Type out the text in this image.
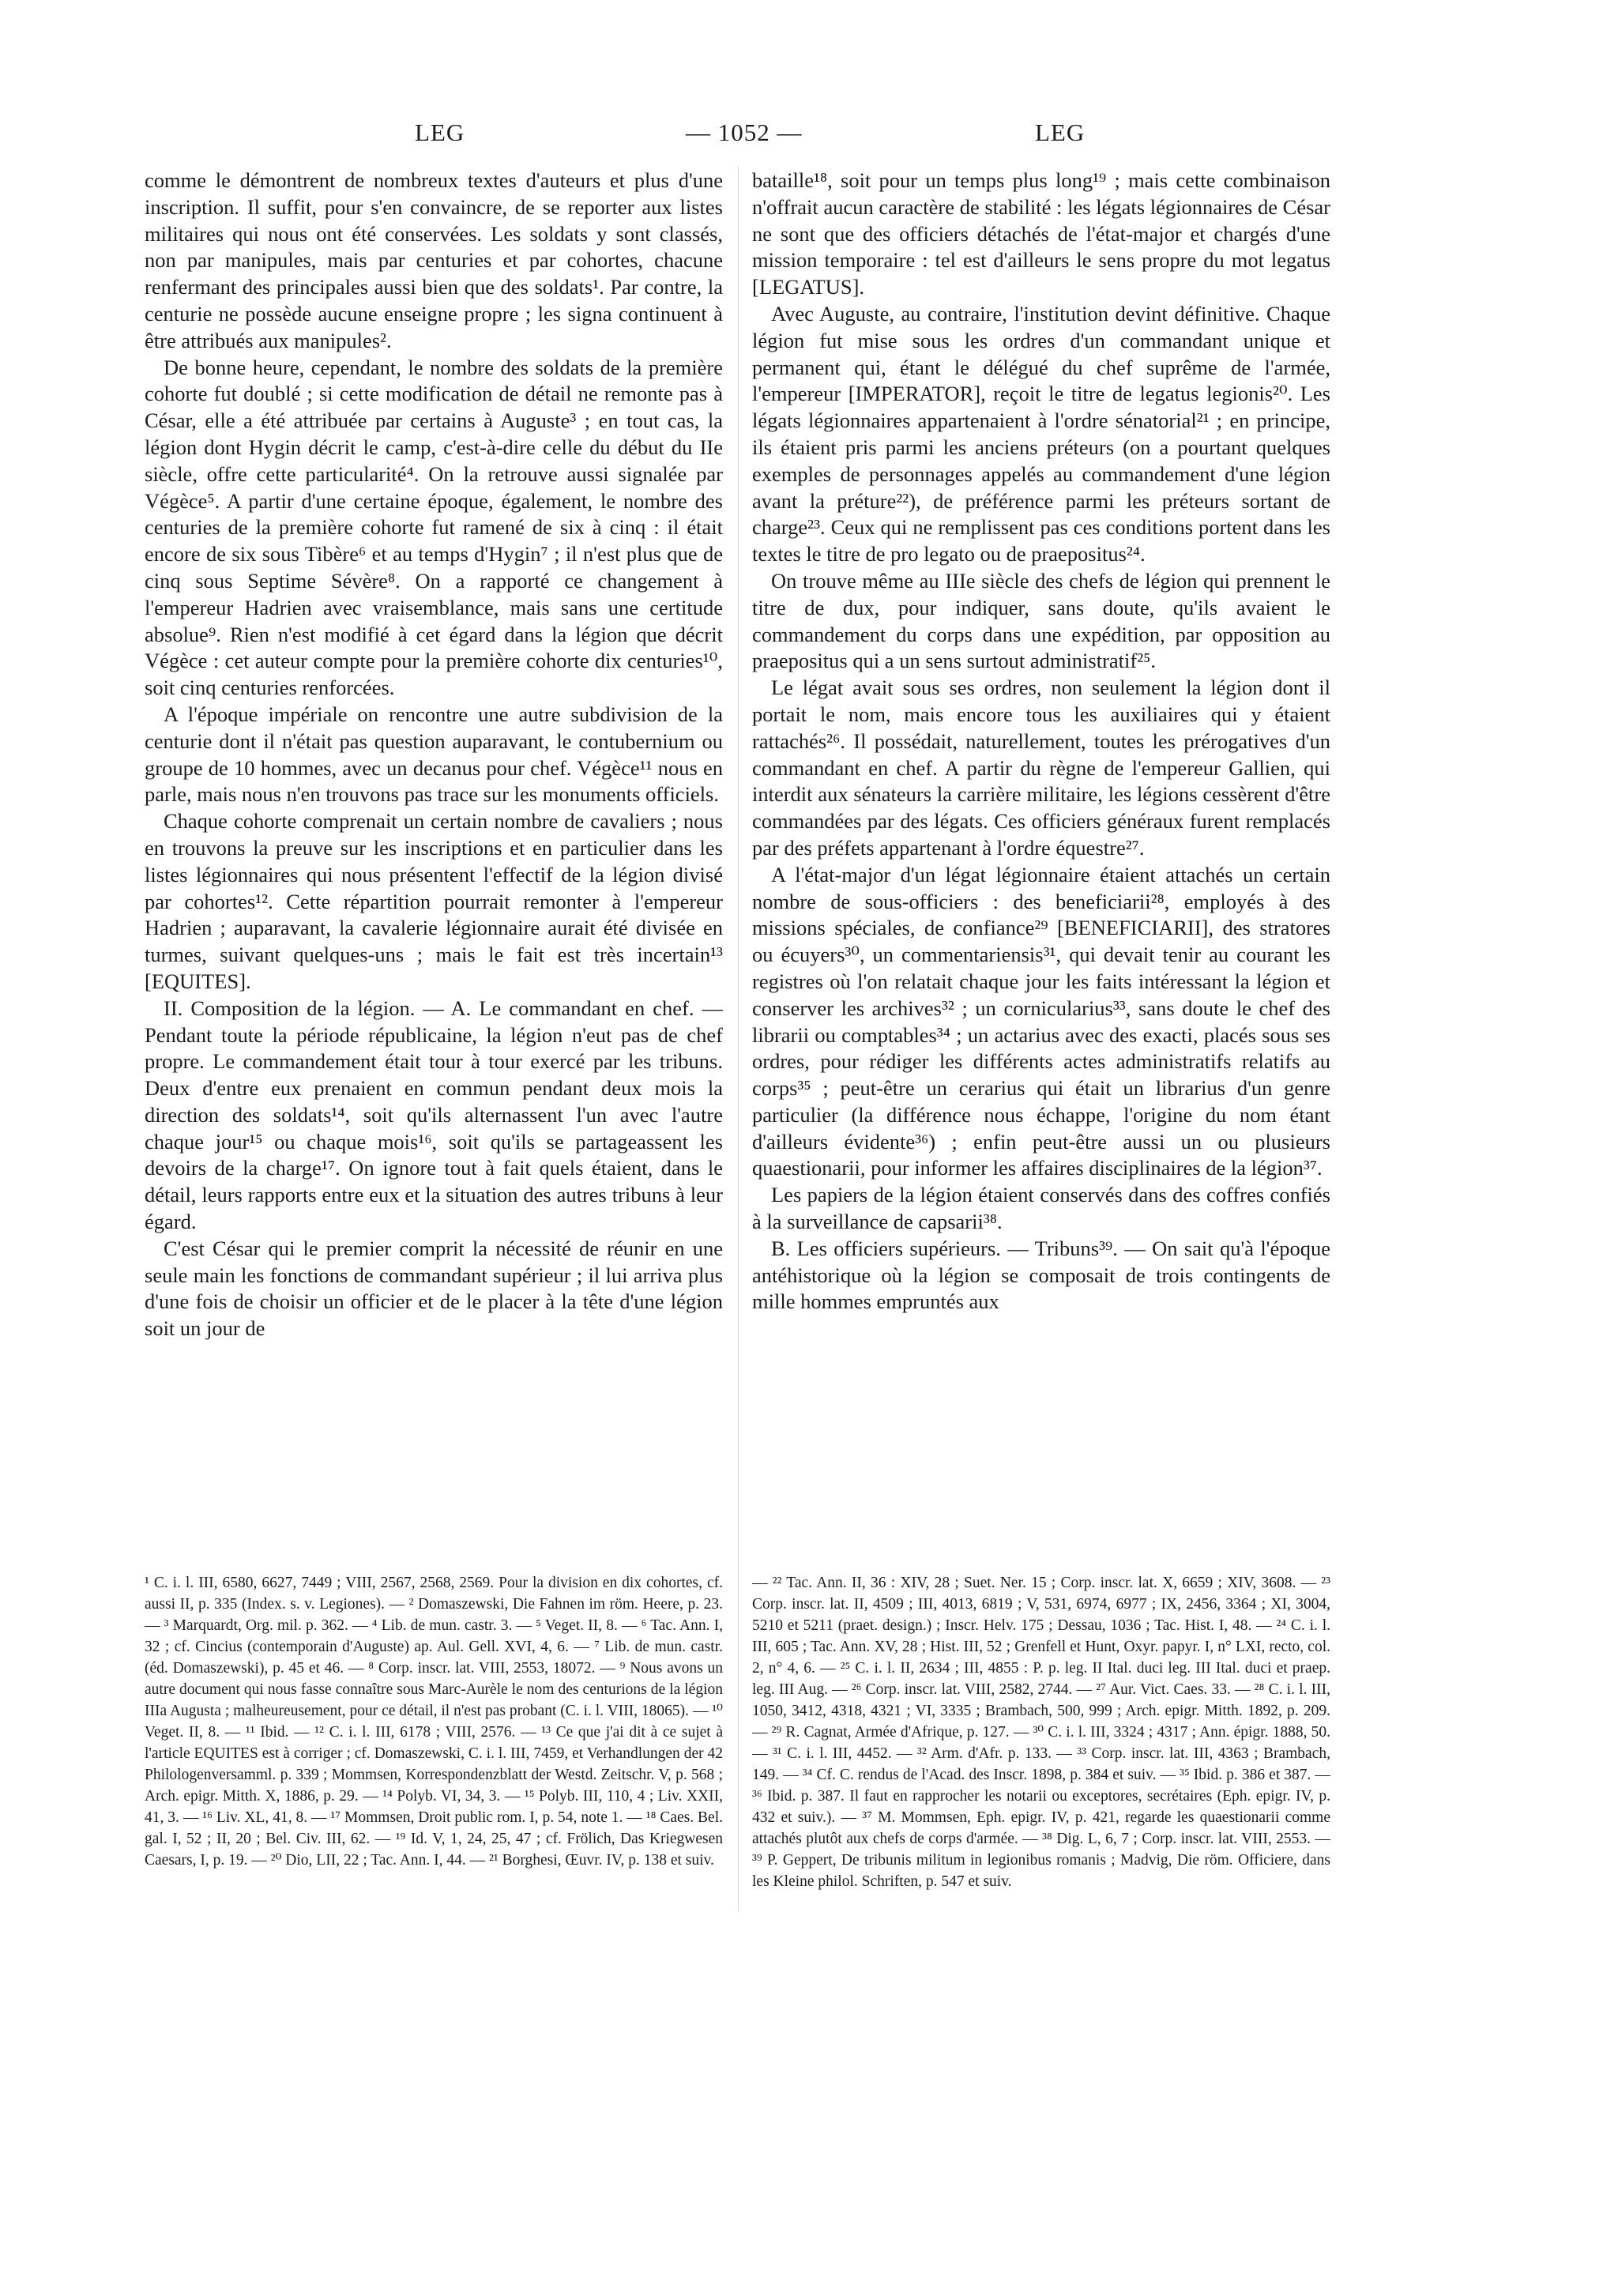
LEG	— 1052 —	LEG

comme le démontrent de nombreux textes d'auteurs et plus d'une inscription. Il suffit, pour s'en convaincre, de se reporter aux listes militaires qui nous ont été conservées. Les soldats y sont classés, non par manipules, mais par centuries et par cohortes, chacune renfermant des principales aussi bien que des soldats¹. Par contre, la centurie ne possède aucune enseigne propre ; les signa continuent à être attribués aux manipules².

De bonne heure, cependant, le nombre des soldats de la première cohorte fut doublé ; si cette modification de détail ne remonte pas à César, elle a été attribuée par certains à Auguste³ ; en tout cas, la légion dont Hygin décrit le camp, c'est-à-dire celle du début du IIe siècle, offre cette particularité⁴. On la retrouve aussi signalée par Végèce⁵. A partir d'une certaine époque, également, le nombre des centuries de la première cohorte fut ramené de six à cinq : il était encore de six sous Tibère⁶ et au temps d'Hygin⁷ ; il n'est plus que de cinq sous Septime Sévère⁸. On a rapporté ce changement à l'empereur Hadrien avec vraisemblance, mais sans une certitude absolue⁹. Rien n'est modifié à cet égard dans la légion que décrit Végèce : cet auteur compte pour la première cohorte dix centuries¹⁰, soit cinq centuries renforcées.

A l'époque impériale on rencontre une autre subdivision de la centurie dont il n'était pas question auparavant, le contubernium ou groupe de 10 hommes, avec un decanus pour chef. Végèce¹¹ nous en parle, mais nous n'en trouvons pas trace sur les monuments officiels.

Chaque cohorte comprenait un certain nombre de cavaliers ; nous en trouvons la preuve sur les inscriptions et en particulier dans les listes légionnaires qui nous présentent l'effectif de la légion divisé par cohortes¹². Cette répartition pourrait remonter à l'empereur Hadrien ; auparavant, la cavalerie légionnaire aurait été divisée en turmes, suivant quelques-uns ; mais le fait est très incertain¹³ [EQUITES].

II. Composition de la légion. — A. Le commandant en chef. — Pendant toute la période républicaine, la légion n'eut pas de chef propre. Le commandement était tour à tour exercé par les tribuns. Deux d'entre eux prenaient en commun pendant deux mois la direction des soldats¹⁴, soit qu'ils alternassent l'un avec l'autre chaque jour¹⁵ ou chaque mois¹⁶, soit qu'ils se partageassent les devoirs de la charge¹⁷. On ignore tout à fait quels étaient, dans le détail, leurs rapports entre eux et la situation des autres tribuns à leur égard.

C'est César qui le premier comprit la nécessité de réunir en une seule main les fonctions de commandant supérieur ; il lui arriva plus d'une fois de choisir un officier et de le placer à la tête d'une légion soit un jour de

bataille¹⁸, soit pour un temps plus long¹⁹ ; mais cette combinaison n'offrait aucun caractère de stabilité : les légats légionnaires de César ne sont que des officiers détachés de l'état-major et chargés d'une mission temporaire : tel est d'ailleurs le sens propre du mot legatus [LEGATUS].

Avec Auguste, au contraire, l'institution devint définitive. Chaque légion fut mise sous les ordres d'un commandant unique et permanent qui, étant le délégué du chef suprême de l'armée, l'empereur [IMPERATOR], reçoit le titre de legatus legionis²⁰. Les légats légionnaires appartenaient à l'ordre sénatorial²¹ ; en principe, ils étaient pris parmi les anciens préteurs (on a pourtant quelques exemples de personnages appelés au commandement d'une légion avant la préture²²), de préférence parmi les préteurs sortant de charge²³. Ceux qui ne remplissent pas ces conditions portent dans les textes le titre de pro legato ou de praepositus²⁴.

On trouve même au IIIe siècle des chefs de légion qui prennent le titre de dux, pour indiquer, sans doute, qu'ils avaient le commandement du corps dans une expédition, par opposition au praepositus qui a un sens surtout administratif²⁵.

Le légat avait sous ses ordres, non seulement la légion dont il portait le nom, mais encore tous les auxiliaires qui y étaient rattachés²⁶. Il possédait, naturellement, toutes les prérogatives d'un commandant en chef. A partir du règne de l'empereur Gallien, qui interdit aux sénateurs la carrière militaire, les légions cessèrent d'être commandées par des légats. Ces officiers généraux furent remplacés par des préfets appartenant à l'ordre équestre²⁷.

A l'état-major d'un légat légionnaire étaient attachés un certain nombre de sous-officiers : des beneficiarii²⁸, employés à des missions spéciales, de confiance²⁹ [BENEFICIARII], des stratores ou écuyers³⁰, un commentariensis³¹, qui devait tenir au courant les registres où l'on relatait chaque jour les faits intéressant la légion et conserver les archives³² ; un cornicularius³³, sans doute le chef des librarii ou comptables³⁴ ; un actarius avec des exacti, placés sous ses ordres, pour rédiger les différents actes administratifs relatifs au corps³⁵ ; peut-être un cerarius qui était un librarius d'un genre particulier (la différence nous échappe, l'origine du nom étant d'ailleurs évidente³⁶) ; enfin peut-être aussi un ou plusieurs quaestionarii, pour informer les affaires disciplinaires de la légion³⁷.

Les papiers de la légion étaient conservés dans des coffres confiés à la surveillance de capsarii³⁸.

B. Les officiers supérieurs. — Tribuns³⁹. — On sait qu'à l'époque antéhistorique où la légion se composait de trois contingents de mille hommes empruntés aux

¹ C. i. l. III, 6580, 6627, 7449 ; VIII, 2567, 2568, 2569. Pour la division en dix cohortes, cf. aussi II, p. 335 (Index. s. v. Legiones). — ² Domaszewski, Die Fahnen im röm. Heere, p. 23. — ³ Marquardt, Org. mil. p. 362. — ⁴ Lib. de mun. castr. 3. — ⁵ Veget. II, 8. — ⁶ Tac. Ann. I, 32 ; cf. Cincius (contemporain d'Auguste) ap. Aul. Gell. XVI, 4, 6. — ⁷ Lib. de mun. castr. (éd. Domaszewski), p. 45 et 46. — ⁸ Corp. inscr. lat. VIII, 2553, 18072. — ⁹ Nous avons un autre document qui nous fasse connaître sous Marc-Aurèle le nom des centurions de la légion IIIa Augusta ; malheureusement, pour ce détail, il n'est pas probant (C. i. l. VIII, 18065). — ¹⁰ Veget. II, 8. — ¹¹ Ibid. — ¹² C. i. l. III, 6178 ; VIII, 2576. — ¹³ Ce que j'ai dit à ce sujet à l'article EQUITES est à corriger ; cf. Domaszewski, C. i. l. III, 7459, et Verhandlungen der 42 Philologenversamml. p. 339 ; Mommsen, Korrespondenzblatt der Westd. Zeitschr. V, p. 568 ; Arch. epigr. Mitth. X, 1886, p. 29. — ¹⁴ Polyb. VI, 34, 3. — ¹⁵ Polyb. III, 110, 4 ; Liv. XXII, 41, 3. — ¹⁶ Liv. XL, 41, 8. — ¹⁷ Mommsen, Droit public rom. I, p. 54, note 1. — ¹⁸ Caes. Bel. gal. I, 52 ; II, 20 ; Bel. Civ. III, 62. — ¹⁹ Id. V, 1, 24, 25, 47 ; cf. Frölich, Das Kriegwesen Caesars, I, p. 19. — ²⁰ Dio, LII, 22 ; Tac. Ann. I, 44. — ²¹ Borghesi, Œuvr. IV, p. 138 et suiv.

— ²² Tac. Ann. II, 36 : XIV, 28 ; Suet. Ner. 15 ; Corp. inscr. lat. X, 6659 ; XIV, 3608. — ²³ Corp. inscr. lat. II, 4509 ; III, 4013, 6819 ; V, 531, 6974, 6977 ; IX, 2456, 3364 ; XI, 3004, 5210 et 5211 (praet. design.) ; Inscr. Helv. 175 ; Dessau, 1036 ; Tac. Hist. I, 48. — ²⁴ C. i. l. III, 605 ; Tac. Ann. XV, 28 ; Hist. III, 52 ; Grenfell et Hunt, Oxyr. papyr. I, n° LXI, recto, col. 2, n° 4, 6. — ²⁵ C. i. l. II, 2634 ; III, 4855 : P. p. leg. II Ital. duci leg. III Ital. duci et praep. leg. III Aug. — ²⁶ Corp. inscr. lat. VIII, 2582, 2744. — ²⁷ Aur. Vict. Caes. 33. — ²⁸ C. i. l. III, 1050, 3412, 4318, 4321 ; VI, 3335 ; Brambach, 500, 999 ; Arch. epigr. Mitth. 1892, p. 209. — ²⁹ R. Cagnat, Armée d'Afrique, p. 127. — ³⁰ C. i. l. III, 3324 ; 4317 ; Ann. épigr. 1888, 50. — ³¹ C. i. l. III, 4452. — ³² Arm. d'Afr. p. 133. — ³³ Corp. inscr. lat. III, 4363 ; Brambach, 149. — ³⁴ Cf. C. rendus de l'Acad. des Inscr. 1898, p. 384 et suiv. — ³⁵ Ibid. p. 386 et 387. — ³⁶ Ibid. p. 387. Il faut en rapprocher les notarii ou exceptores, secrétaires (Eph. epigr. IV, p. 432 et suiv.). — ³⁷ M. Mommsen, Eph. epigr. IV, p. 421, regarde les quaestionarii comme attachés plutôt aux chefs de corps d'armée. — ³⁸ Dig. L, 6, 7 ; Corp. inscr. lat. VIII, 2553. — ³⁹ P. Geppert, De tribunis militum in legionibus romanis ; Madvig, Die röm. Officiere, dans les Kleine philol. Schriften, p. 547 et suiv.
